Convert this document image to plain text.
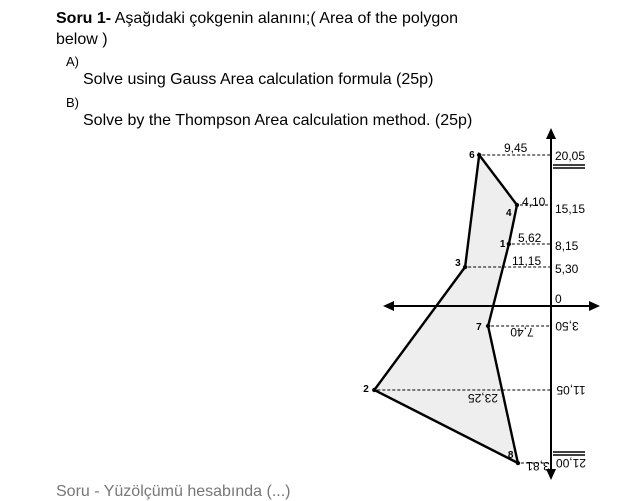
Soru 1- Aşağıdaki çokgenin alanını;( Area of the polygon
below )
A)
Solve using Gauss Area calculation formula (25p)
B)
Solve by the Thompson Area calculation method. (25p)
Soru - Yüzölçümü hesabında (...)
1
2
3
4
6
7
8
5,62
11,15
4,10
9,45
23,25
7,40
3,81
8,15
5,30
15,15
20,05
0
11,05
3,50
21,00
